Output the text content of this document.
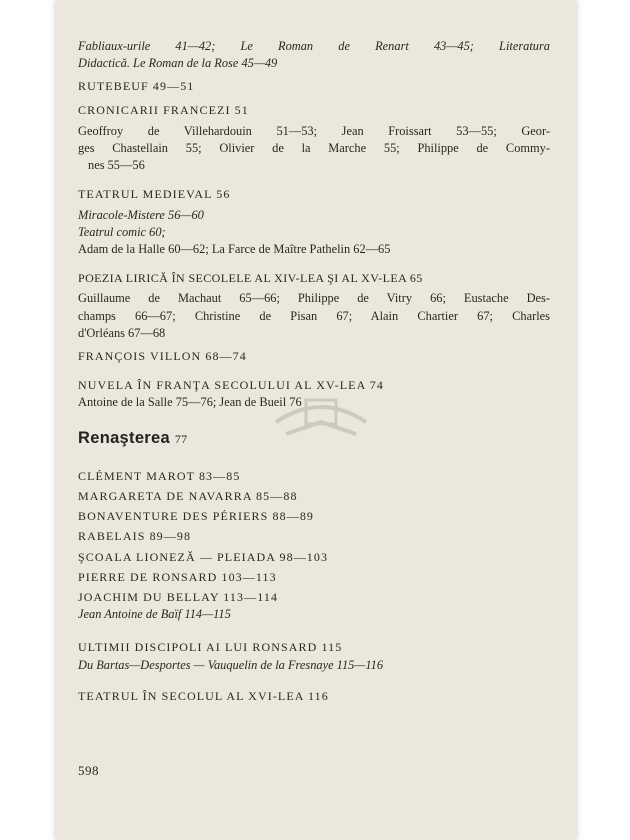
Fabliaux-urile 41—42; Le Roman de Renart 43—45; Literatura
Didactică. Le Roman de la Rose 45—49
RUTEBEUF 49—51
CRONICARII FRANCEZI 51
Geoffroy de Villehardouin 51—53; Jean Froissart 53—55; Geor-
ges Chastellain 55; Olivier de la Marche 55; Philippe de Commy-
nes 55—56
TEATRUL MEDIEVAL 56
Miracole-Mistere 56—60
Teatrul comic 60;
Adam de la Halle 60—62; La Farce de Maître Pathelin 62—65
POEZIA LIRICĂ ÎN SECOLELE AL XIV-LEA ŞI AL XV-LEA 65
Guillaume de Machaut 65—66; Philippe de Vitry 66; Eustache Des-
champs 66—67; Christine de Pisan 67; Alain Chartier 67; Charles
d'Orléans 67—68
FRANÇOIS VILLON 68—74
NUVELA ÎN FRANŢA SECOLULUI AL XV-LEA 74
Antoine de la Salle 75—76; Jean de Bueil 76
Renaşterea 77
CLÉMENT MAROT 83—85
MARGARETA DE NAVARRA 85—88
BONAVENTURE DES PÉRIERS 88—89
RABELAIS 89—98
ŞCOALA LIONEZĂ — PLEIADA 98—103
PIERRE DE RONSARD 103—113
JOACHIM DU BELLAY 113—114
Jean Antoine de Baïf 114—115
ULTIMII DISCIPOLI AI LUI RONSARD 115
Du Bartas—Desportes — Vauquelin de la Fresnaye 115—116
TEATRUL ÎN SECOLUL AL XVI-LEA 116
598
